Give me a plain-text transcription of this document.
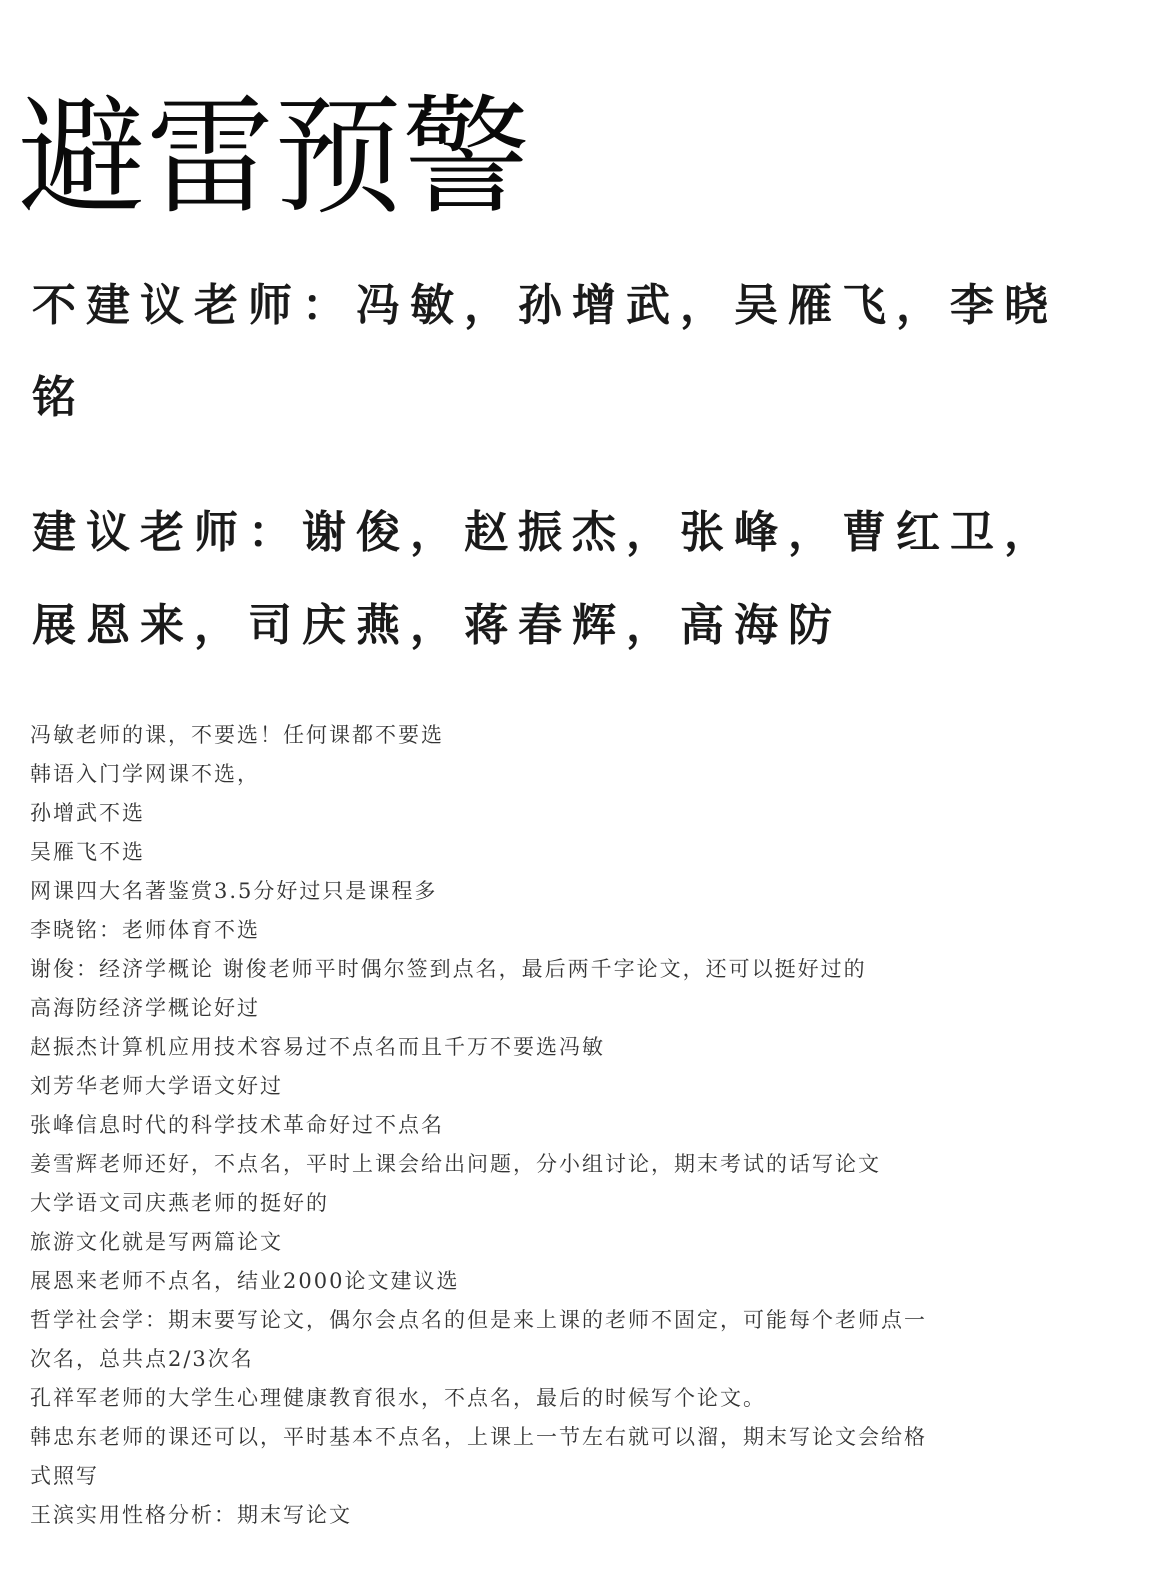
避雷预警
不建议老师：冯敏，孙增武，吴雁飞，李晓
铭
建议老师：谢俊，赵振杰，张峰，曹红卫，
展恩来，司庆燕，蒋春辉，高海防
冯敏老师的课，不要选！任何课都不要选
韩语入门学网课不选，
孙增武不选
吴雁飞不选
网课四大名著鉴赏3.5分好过只是课程多
李晓铭：老师体育不选
谢俊：经济学概论 谢俊老师平时偶尔签到点名，最后两千字论文，还可以挺好过的
高海防经济学概论好过
赵振杰计算机应用技术容易过不点名而且千万不要选冯敏
刘芳华老师大学语文好过
张峰信息时代的科学技术革命好过不点名
姜雪辉老师还好，不点名，平时上课会给出问题，分小组讨论，期末考试的话写论文
大学语文司庆燕老师的挺好的
旅游文化就是写两篇论文
展恩来老师不点名，结业2000论文建议选
哲学社会学：期末要写论文，偶尔会点名的但是来上课的老师不固定，可能每个老师点一
次名，总共点2/3次名
孔祥军老师的大学生心理健康教育很水，不点名，最后的时候写个论文。
韩忠东老师的课还可以，平时基本不点名，上课上一节左右就可以溜，期末写论文会给格
式照写
王滨实用性格分析：期末写论文
